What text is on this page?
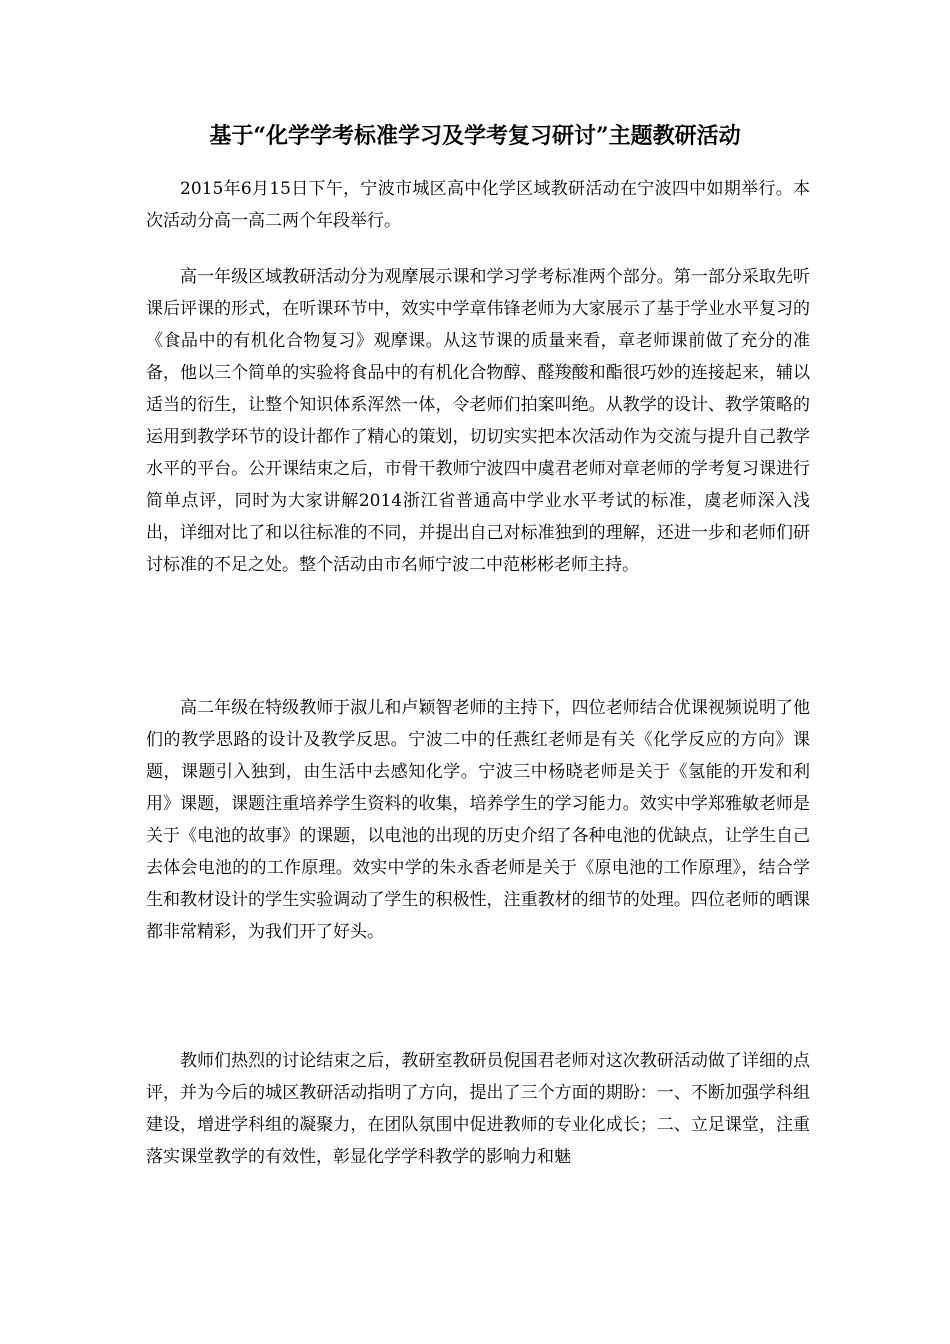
基于“化学学考标准学习及学考复习研讨”主题教研活动

2015年6月15日下午，宁波市城区高中化学区域教研活动在宁波四中如期举行。本次活动分高一高二两个年段举行。

高一年级区域教研活动分为观摩展示课和学习学考标准两个部分。第一部分采取先听课后评课的形式，在听课环节中，效实中学章伟锋老师为大家展示了基于学业水平复习的《食品中的有机化合物复习》观摩课。从这节课的质量来看，章老师课前做了充分的准备，他以三个简单的实验将食品中的有机化合物醇、醛羧酸和酯很巧妙的连接起来，辅以适当的衍生，让整个知识体系浑然一体，令老师们拍案叫绝。从教学的设计、教学策略的运用到教学环节的设计都作了精心的策划，切切实实把本次活动作为交流与提升自己教学水平的平台。公开课结束之后，市骨干教师宁波四中虞君老师对章老师的学考复习课进行简单点评，同时为大家讲解2014浙江省普通高中学业水平考试的标准，虞老师深入浅出，详细对比了和以往标准的不同，并提出自己对标准独到的理解，还进一步和老师们研讨标准的不足之处。整个活动由市名师宁波二中范彬彬老师主持。

高二年级在特级教师于淑儿和卢颖智老师的主持下，四位老师结合优课视频说明了他们的教学思路的设计及教学反思。宁波二中的任燕红老师是有关《化学反应的方向》课题，课题引入独到，由生活中去感知化学。宁波三中杨晓老师是关于《氢能的开发和利用》课题，课题注重培养学生资料的收集，培养学生的学习能力。效实中学郑雅敏老师是关于《电池的故事》的课题，以电池的出现的历史介绍了各种电池的优缺点，让学生自己去体会电池的的工作原理。效实中学的朱永香老师是关于《原电池的工作原理》，结合学生和教材设计的学生实验调动了学生的积极性，注重教材的细节的处理。四位老师的晒课都非常精彩，为我们开了好头。

教师们热烈的讨论结束之后，教研室教研员倪国君老师对这次教研活动做了详细的点评，并为今后的城区教研活动指明了方向，提出了三个方面的期盼：一、不断加强学科组建设，增进学科组的凝聚力，在团队氛围中促进教师的专业化成长；二、立足课堂，注重落实课堂教学的有效性，彰显化学学科教学的影响力和魅
